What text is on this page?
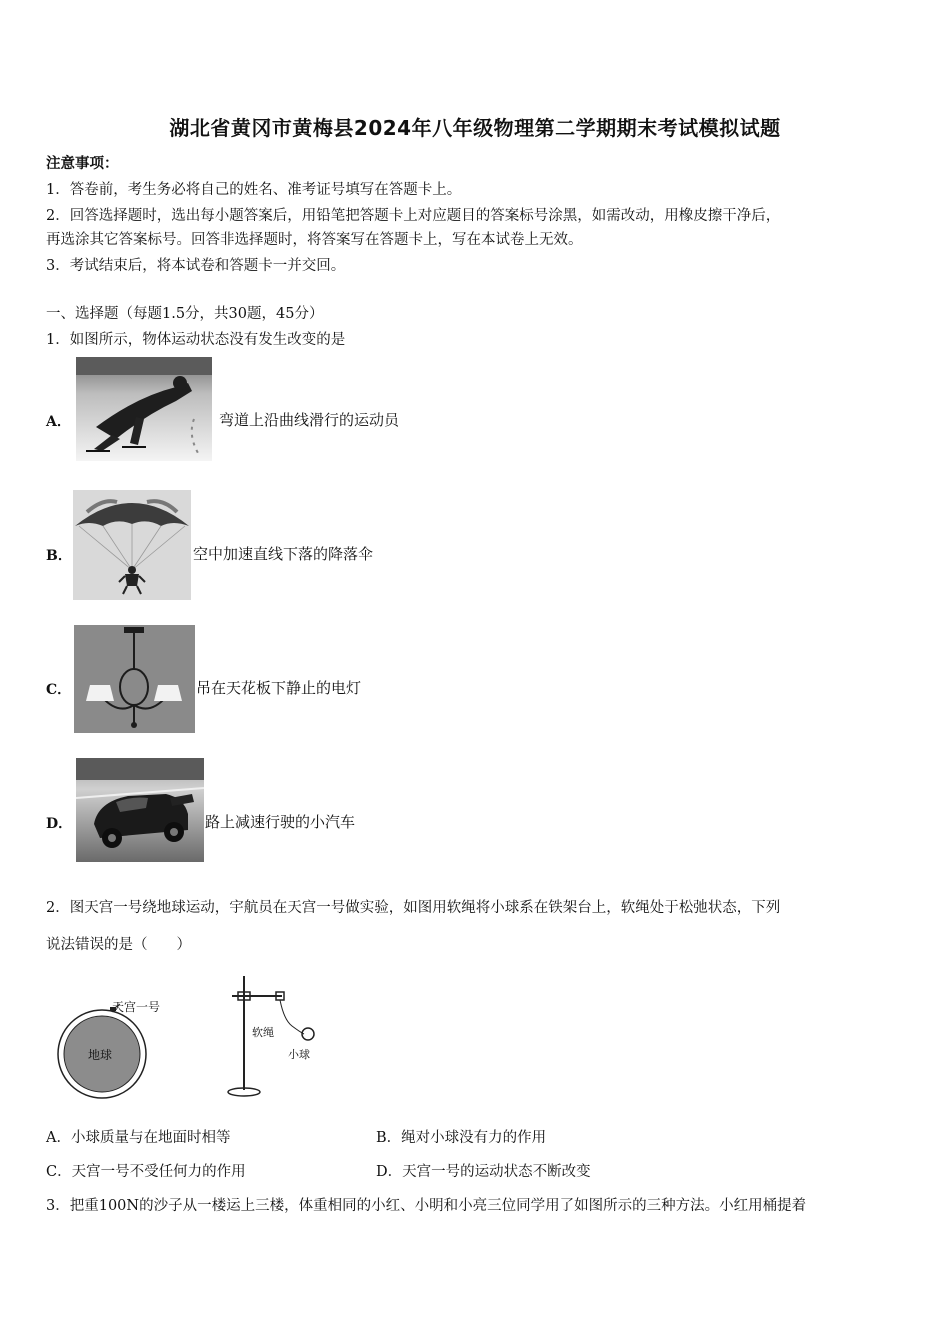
湖北省黄冈市黄梅县2024年八年级物理第二学期期末考试模拟试题
注意事项：
1．答卷前，考生务必将自己的姓名、准考证号填写在答题卡上。
2．回答选择题时，选出每小题答案后，用铅笔把答题卡上对应题目的答案标号涂黑，如需改动，用橡皮擦干净后，
再选涂其它答案标号。回答非选择题时，将答案写在答题卡上，写在本试卷上无效。
3．考试结束后，将本试卷和答题卡一并交回。
一、选择题（每题1.5分，共30题，45分）
1．如图所示，物体运动状态没有发生改变的是
A．	弯道上沿曲线滑行的运动员
B．	空中加速直线下落的降落伞
C．	吊在天花板下静止的电灯
D．	路上减速行驶的小汽车
2．图天宫一号绕地球运动，宇航员在天宫一号做实验，如图用软绳将小球系在铁架台上，软绳处于松弛状态，下列
说法错误的是（　　）
天宫一号
地球
软绳
小球
A．小球质量与在地面时相等	B．绳对小球没有力的作用
C．天宫一号不受任何力的作用	D．天宫一号的运动状态不断改变
3．把重100N的沙子从一楼运上三楼，体重相同的小红、小明和小亮三位同学用了如图所示的三种方法。小红用桶提着
